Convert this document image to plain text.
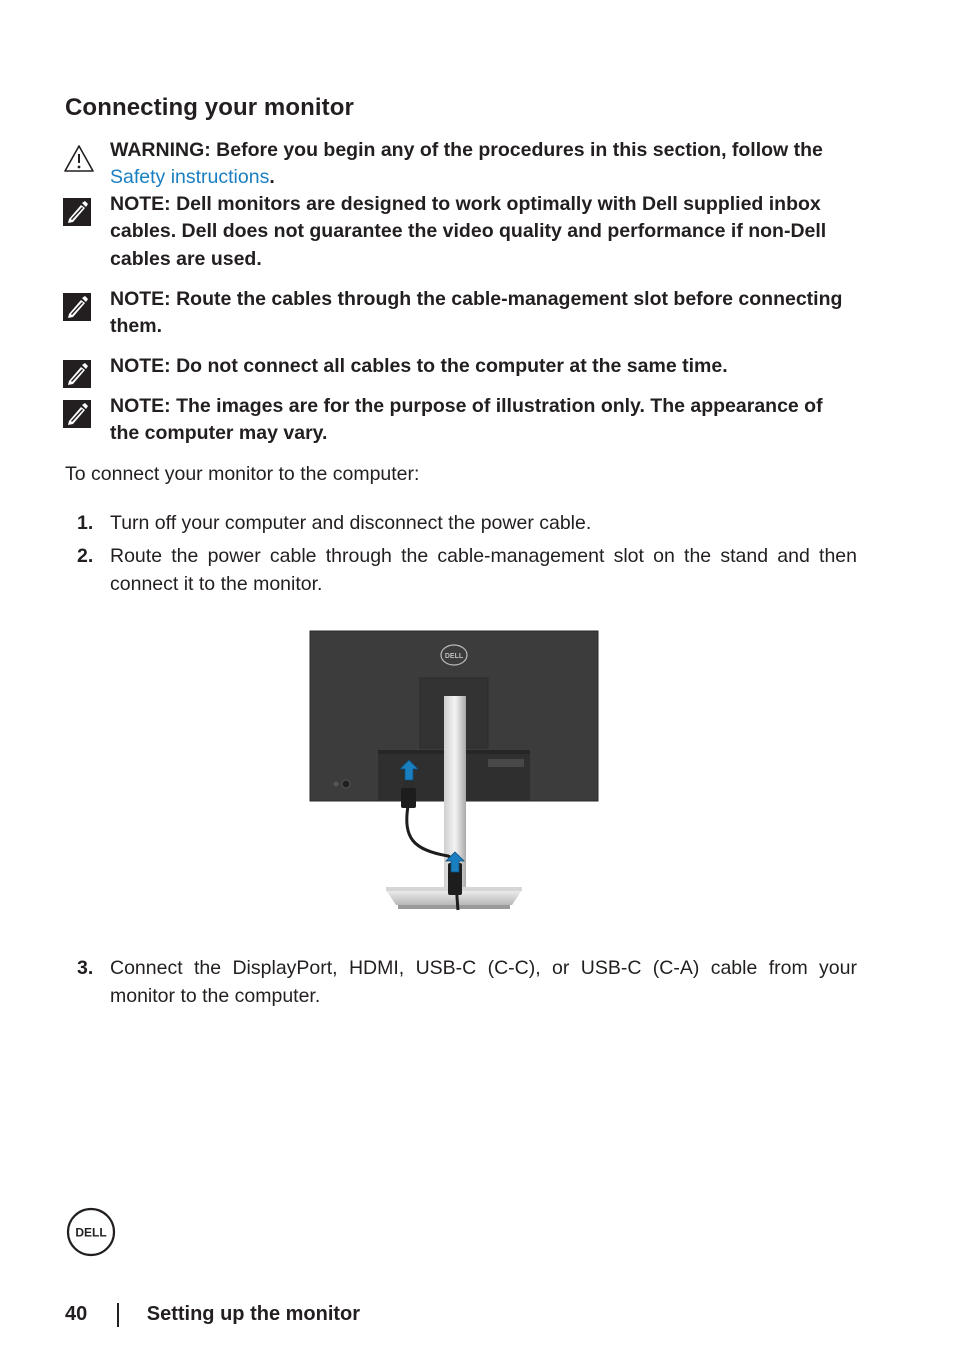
Connecting your monitor
WARNING: Before you begin any of the procedures in this section, follow the Safety instructions.
NOTE: Dell monitors are designed to work optimally with Dell supplied inbox cables. Dell does not guarantee the video quality and performance if non-Dell cables are used.
NOTE: Route the cables through the cable-management slot before connecting them.
NOTE: Do not connect all cables to the computer at the same time.
NOTE: The images are for the purpose of illustration only. The appearance of the computer may vary.
To connect your monitor to the computer:
1. Turn off your computer and disconnect the power cable.
2. Route the power cable through the cable-management slot on the stand and then connect it to the monitor.
DELL
3. Connect the DisplayPort, HDMI, USB-C (C-C), or USB-C (C-A) cable from your monitor to the computer.
DELL
40	Setting up the monitor
